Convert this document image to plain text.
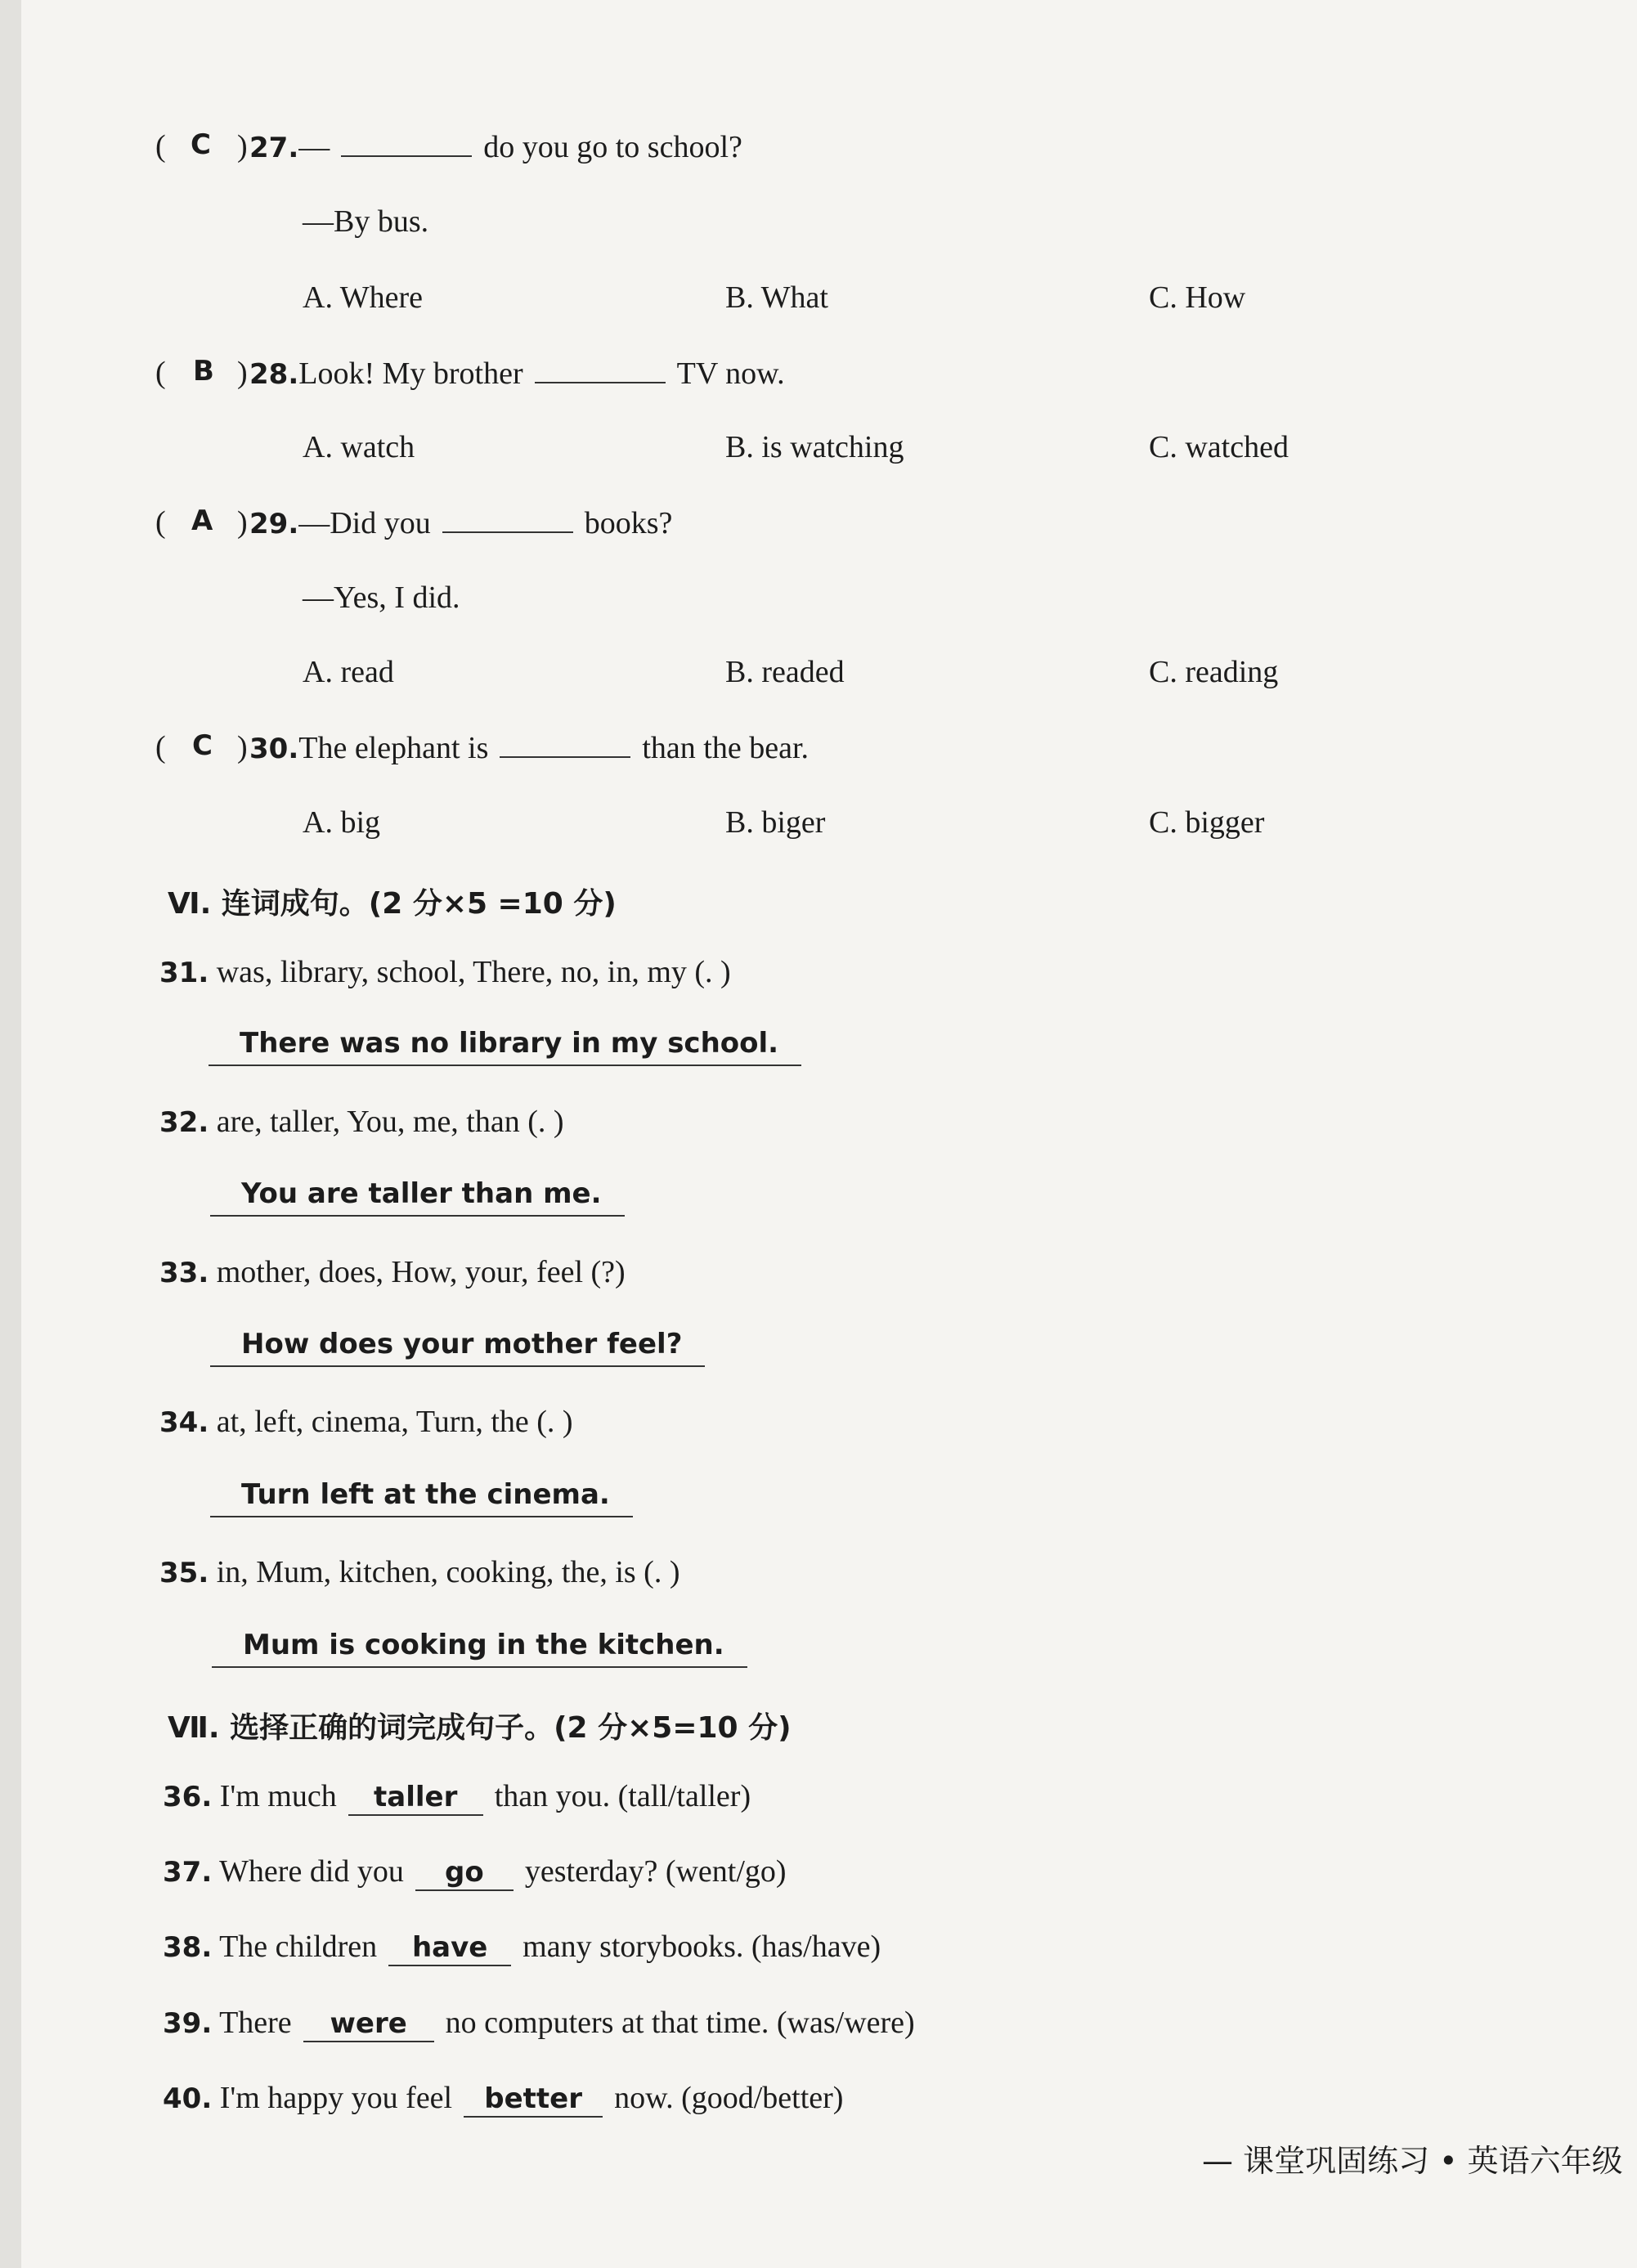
( C ) 27.—	do you go to school?
—By bus.
A. Where	B. What	C. How
( B ) 28.Look! My brother	TV now.
A. watch	B. is watching	C. watched
( A ) 29.—Did you	books?
—Yes, I did.
A. read	B. readed	C. reading
( C ) 30.The elephant is	than the bear.
A. big	B. biger	C. bigger
Ⅵ. 连词成句。(2 分×5 =10 分)
31. was, library, school, There, no, in, my (. )
There was no library in my school.
32. are, taller, You, me, than (. )
You are taller than me.
33. mother, does, How, your, feel (?)
How does your mother feel?
34. at, left, cinema, Turn, the (. )
Turn left at the cinema.
35. in, Mum, kitchen, cooking, the, is (. )
Mum is cooking in the kitchen.
Ⅶ. 选择正确的词完成句子。(2 分×5=10 分)
36. I'm much taller than you. (tall/taller)
37. Where did you go yesterday? (went/go)
38. The children have many storybooks. (has/have)
39. There were no computers at that time. (was/were)
40. I'm happy you feel better now. (good/better)
— 课堂巩固练习 • 英语六年级
